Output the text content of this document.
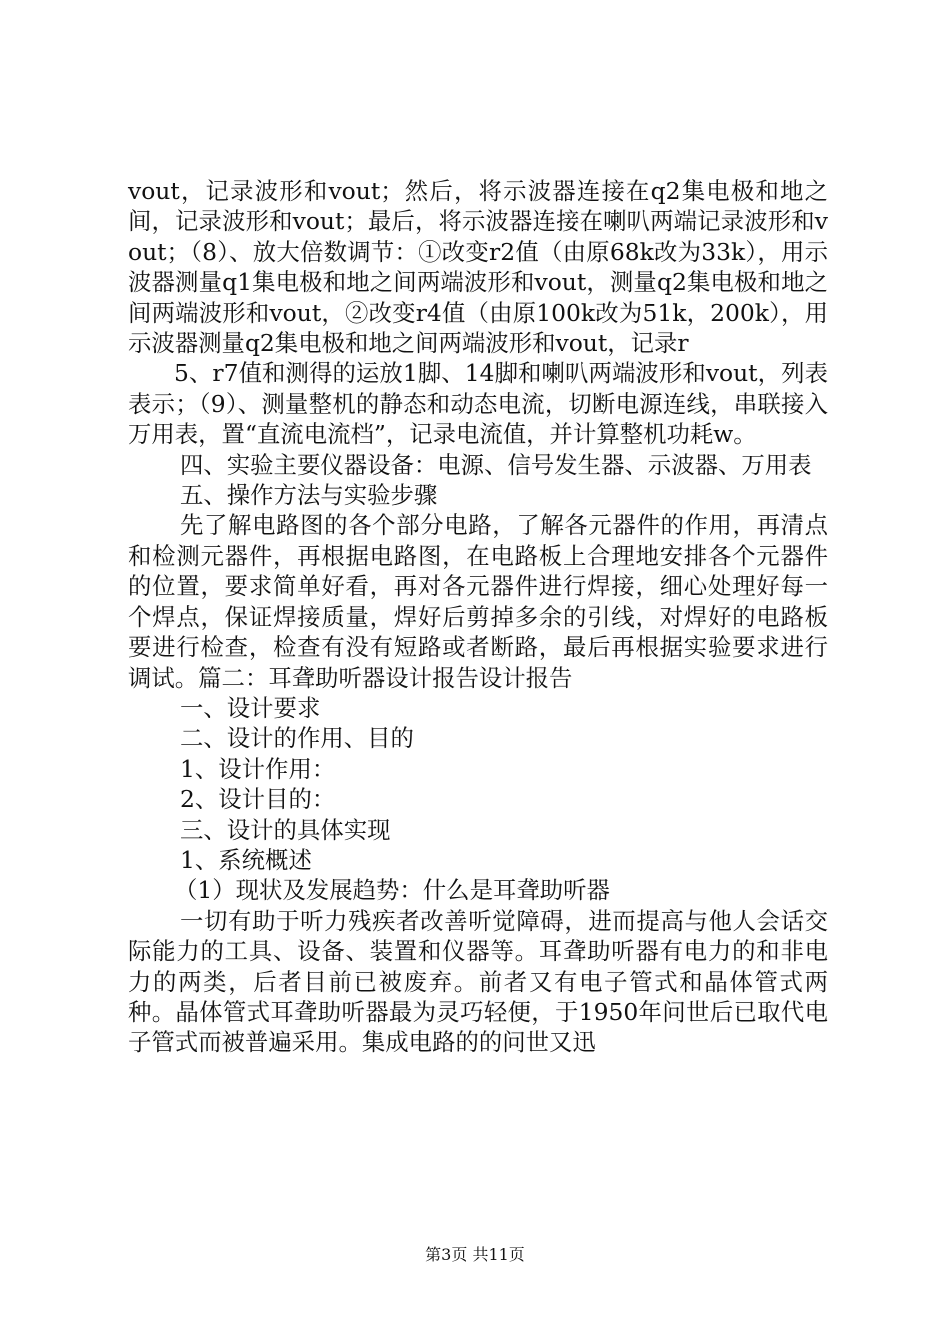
vout，记录波形和vout；然后，将示波器连接在q2集电极和地之间，记录波形和vout；最后，将示波器连接在喇叭两端记录波形和vout；（8）、放大倍数调节：①改变r2值（由原68k改为33k），用示波器测量q1集电极和地之间两端波形和vout，测量q2集电极和地之间两端波形和vout，②改变r4值（由原100k改为51k，200k），用示波器测量q2集电极和地之间两端波形和vout，记录r

5、r7值和测得的运放1脚、14脚和喇叭两端波形和vout，列表表示；（9）、测量整机的静态和动态电流，切断电源连线，串联接入万用表，置“直流电流档”，记录电流值，并计算整机功耗w。

四、实验主要仪器设备：电源、信号发生器、示波器、万用表

五、操作方法与实验步骤

先了解电路图的各个部分电路，了解各元器件的作用，再清点和检测元器件，再根据电路图，在电路板上合理地安排各个元器件的位置，要求简单好看，再对各元器件进行焊接，细心处理好每一个焊点，保证焊接质量，焊好后剪掉多余的引线，对焊好的电路板要进行检查，检查有没有短路或者断路，最后再根据实验要求进行调试。篇二：耳聋助听器设计报告设计报告

一、设计要求

二、设计的作用、目的

1、设计作用：

2、设计目的：

三、设计的具体实现

1、系统概述

（1）现状及发展趋势：什么是耳聋助听器

一切有助于听力残疾者改善听觉障碍，进而提高与他人会话交际能力的工具、设备、装置和仪器等。耳聋助听器有电力的和非电力的两类，后者目前已被废弃。前者又有电子管式和晶体管式两种。晶体管式耳聋助听器最为灵巧轻便，于1950年问世后已取代电子管式而被普遍采用。集成电路的的问世又迅

第3页 共11页
